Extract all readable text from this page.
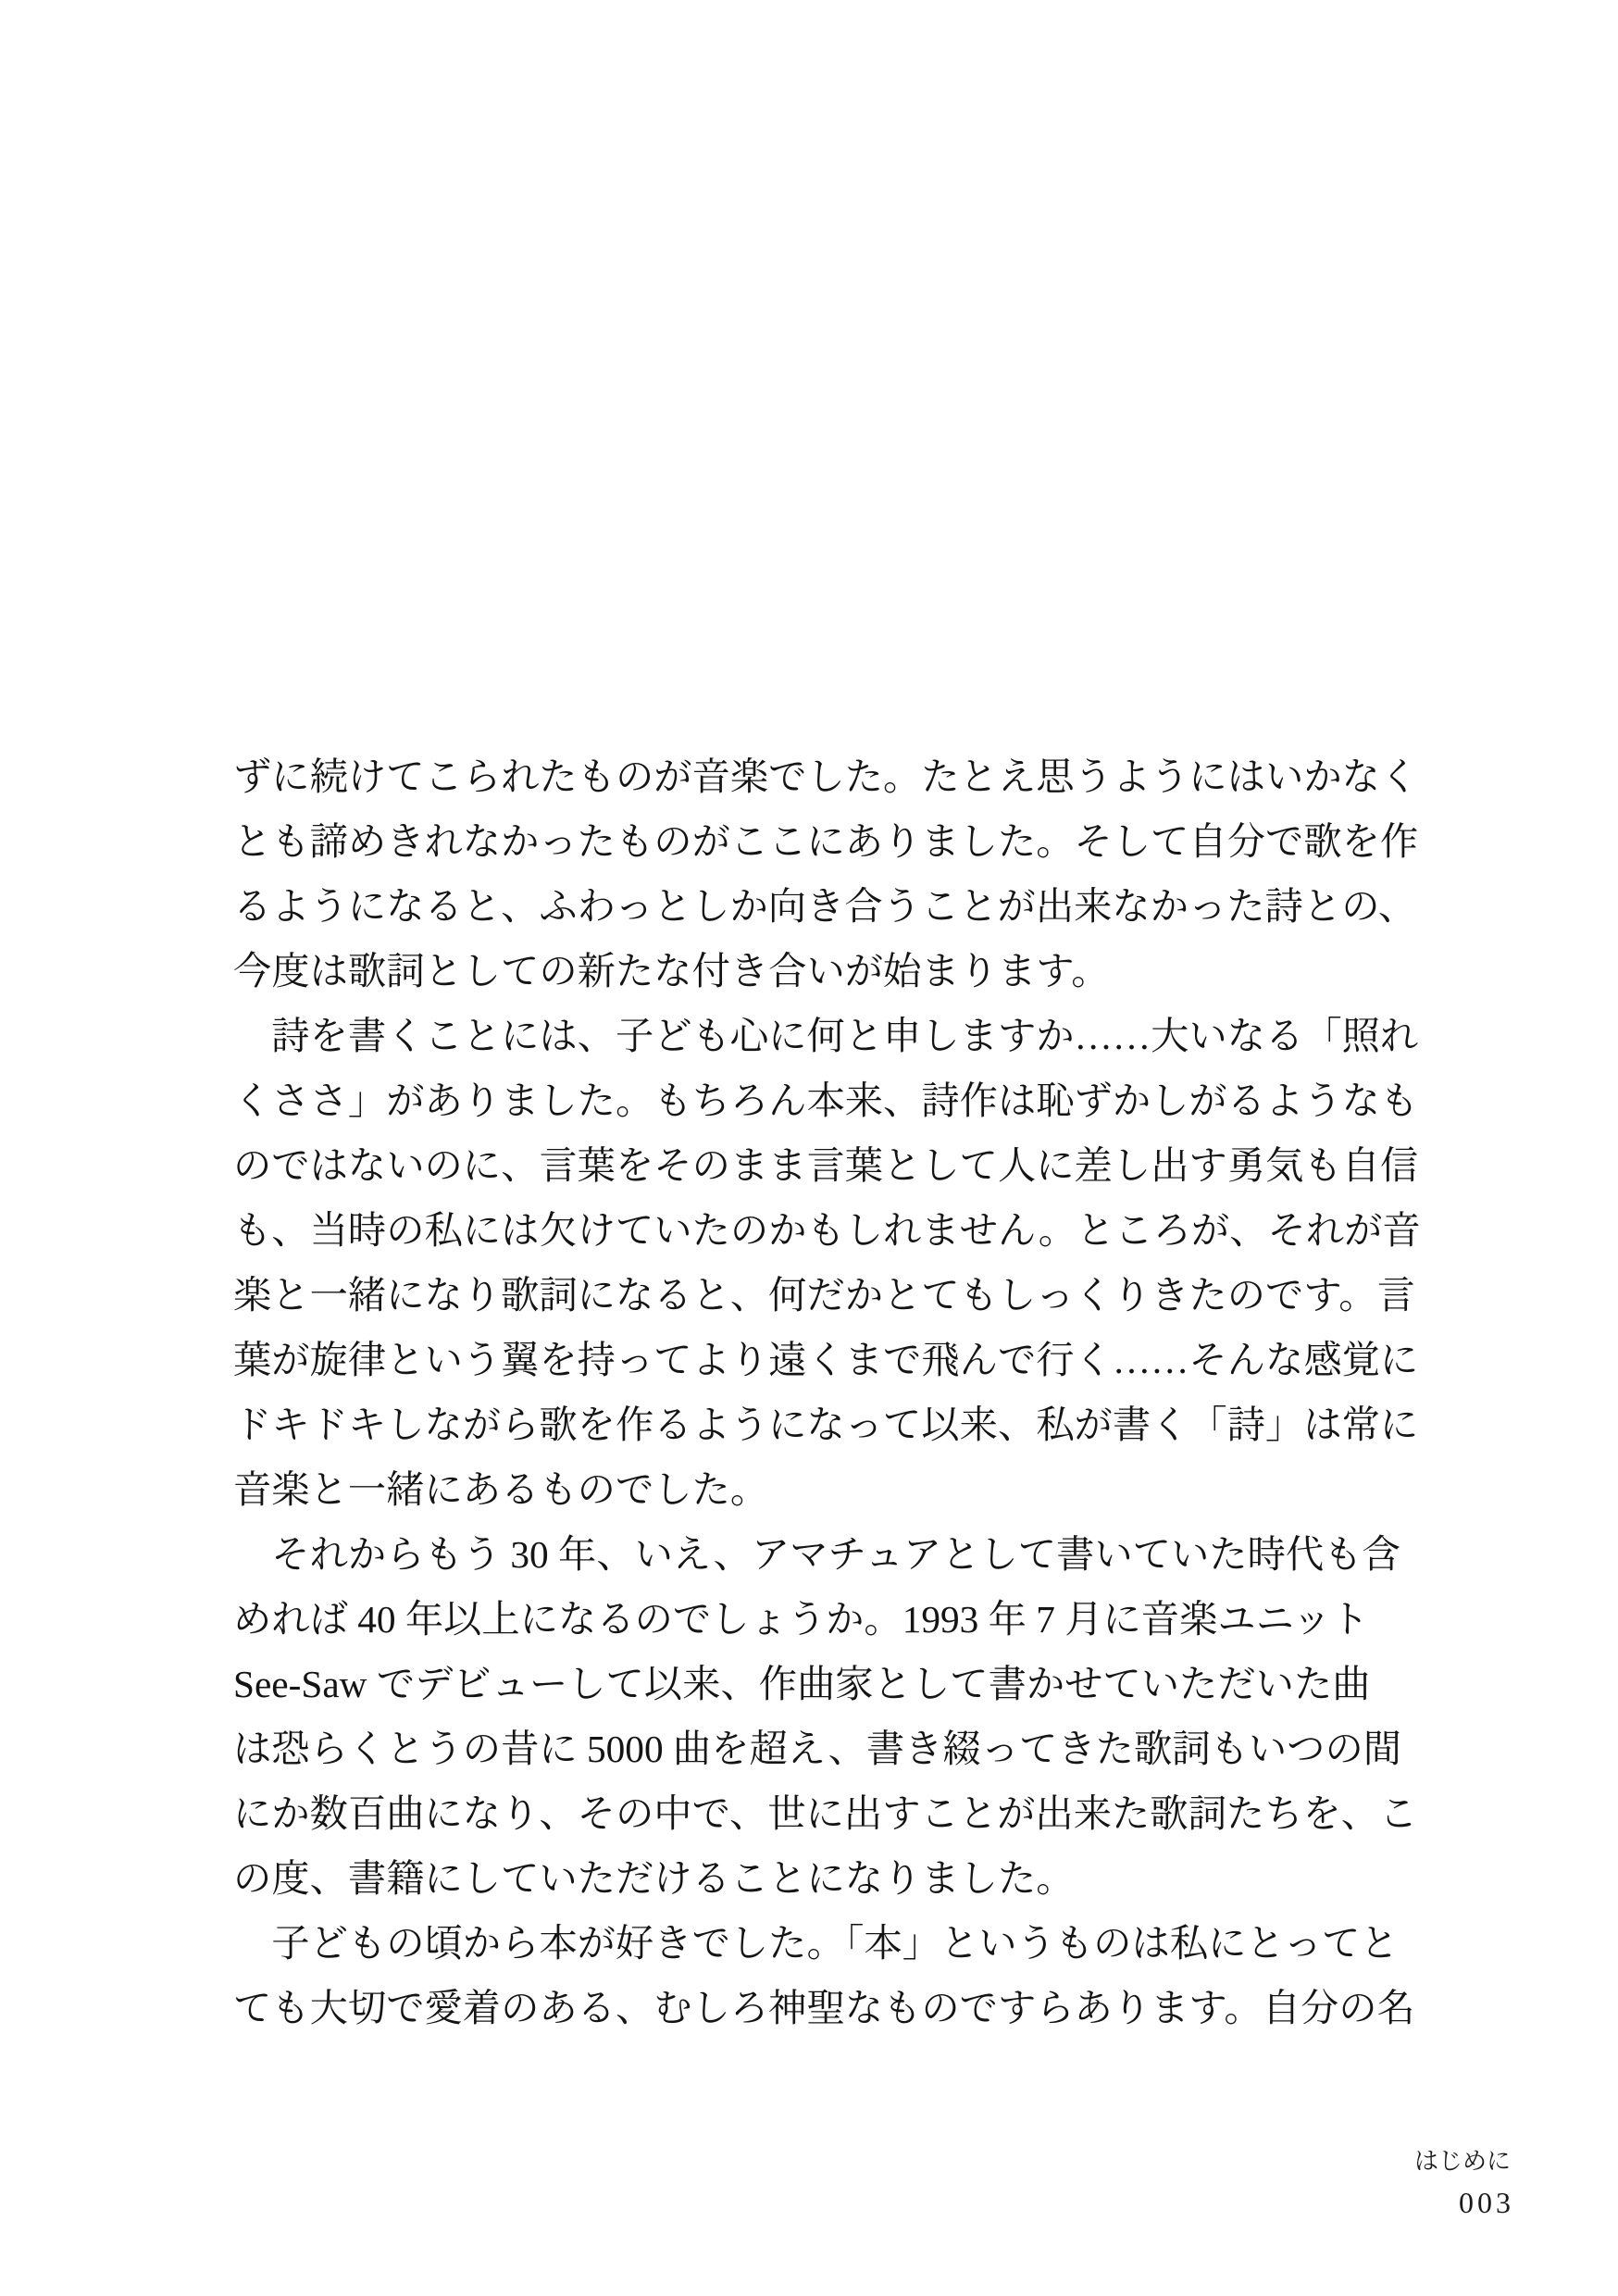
ずに続けてこられたものが音楽でした。たとえ思うようにはいかなく
とも諦めきれなかったものがここにありました。そして自分で歌を作
るようになると、ふわっとしか向き合うことが出来なかった詩との、
今度は歌詞としての新たな付き合いが始まります。
　詩を書くことには、子ども心に何と申しますか……大いなる「照れ
くささ」がありました。もちろん本来、詩作は恥ずかしがるようなも
のではないのに、言葉をそのまま言葉として人に差し出す勇気も自信
も、当時の私には欠けていたのかもしれません。ところが、それが音
楽と一緒になり歌詞になると、何だかとてもしっくりきたのです。言
葉が旋律という翼を持ってより遠くまで飛んで行く……そんな感覚に
ドキドキしながら歌を作るようになって以来、私が書く「詩」は常に
音楽と一緒にあるものでした。
　それからもう 30 年、いえ、アマチュアとして書いていた時代も含
めれば 40 年以上になるのでしょうか。1993 年 7 月に音楽ユニット
See-Saw でデビューして以来、作曲家として書かせていただいた曲
は恐らくとうの昔に 5000 曲を超え、書き綴ってきた歌詞もいつの間
にか数百曲になり、その中で、世に出すことが出来た歌詞たちを、こ
の度、書籍にしていただけることになりました。
　子どもの頃から本が好きでした。「本」というものは私にとってと
ても大切で愛着のある、むしろ神聖なものですらあります。自分の名
はじめに
003
